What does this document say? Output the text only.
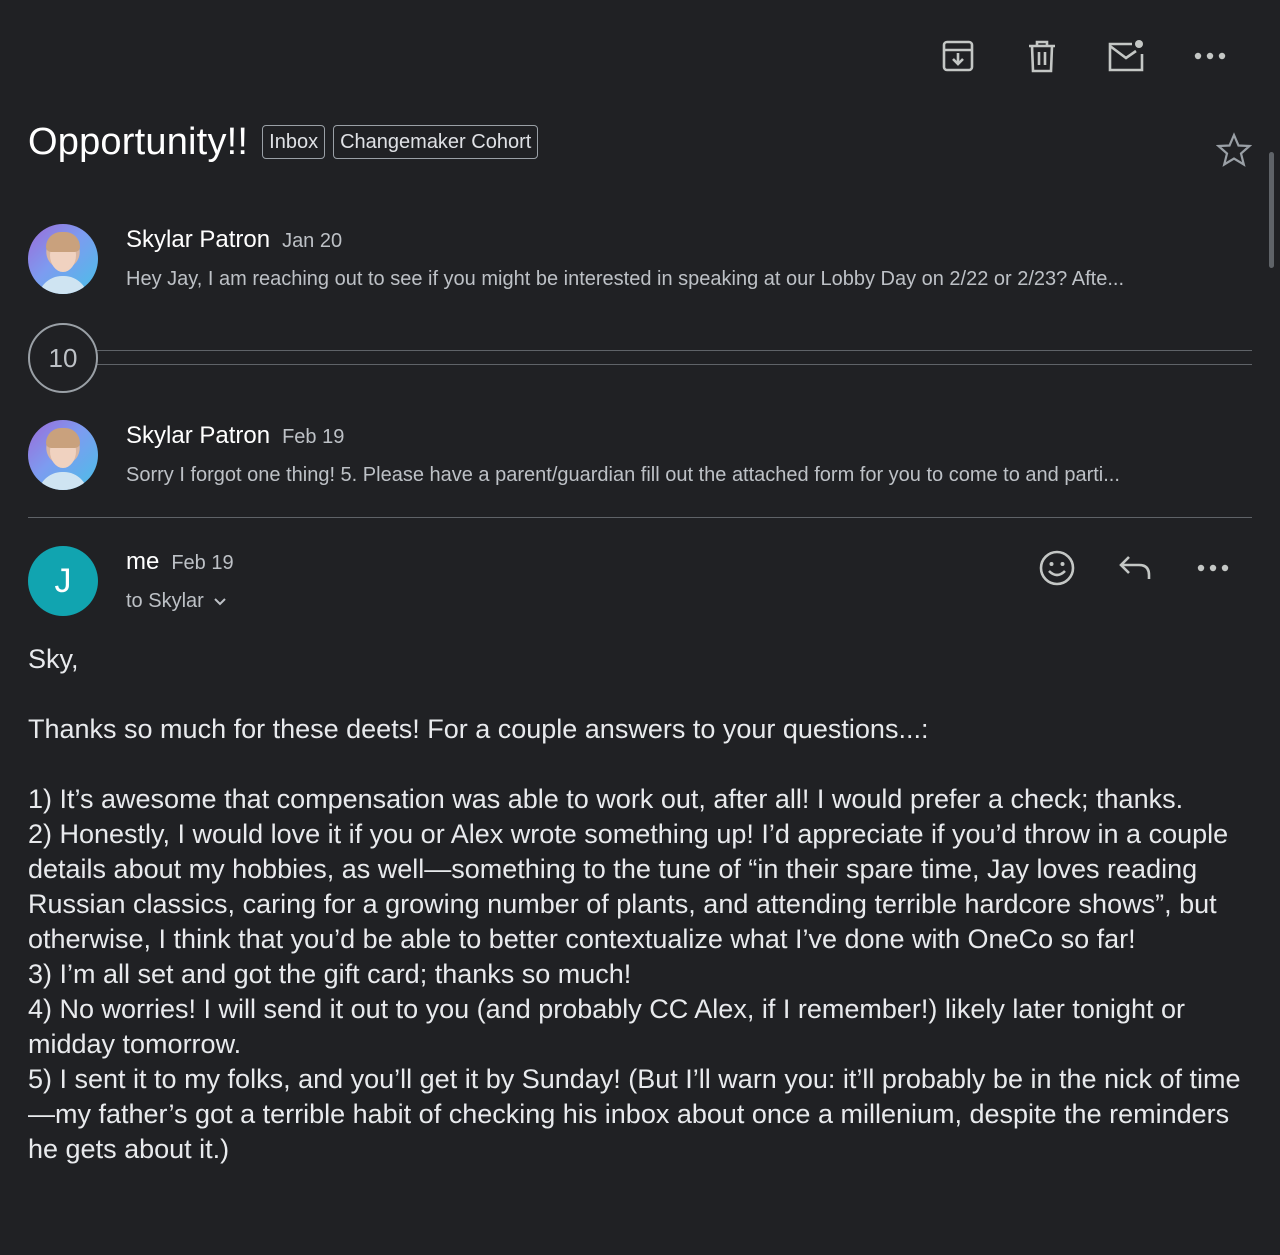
Opportunity!!	Inbox	Changemaker Cohort
Skylar Patron Jan 20
Hey Jay, I am reaching out to see if you might be interested in speaking at our Lobby Day on 2/22 or 2/23? Afte...
10
Skylar Patron Feb 19
Sorry I forgot one thing! 5. Please have a parent/guardian fill out the attached form for you to come to and parti...
J	me Feb 19
to Skylar

Sky,

Thanks so much for these deets! For a couple answers to your questions...:

1) It’s awesome that compensation was able to work out, after all! I would prefer a check; thanks.

2) Honestly, I would love it if you or Alex wrote something up! I’d appreciate if you’d throw in a couple details about my hobbies, as well—something to the tune of “in their spare time, Jay loves reading Russian classics, caring for a growing number of plants, and attending terrible hardcore shows”, but otherwise, I think that you’d be able to better contextualize what I’ve done with OneCo so far!

3) I’m all set and got the gift card; thanks so much!

4) No worries! I will send it out to you (and probably CC Alex, if I remember!) likely later tonight or midday tomorrow.

5) I sent it to my folks, and you’ll get it by Sunday! (But I’ll warn you: it’ll probably be in the nick of time—my father’s got a terrible habit of checking his inbox about once a millenium, despite the reminders he gets about it.)
